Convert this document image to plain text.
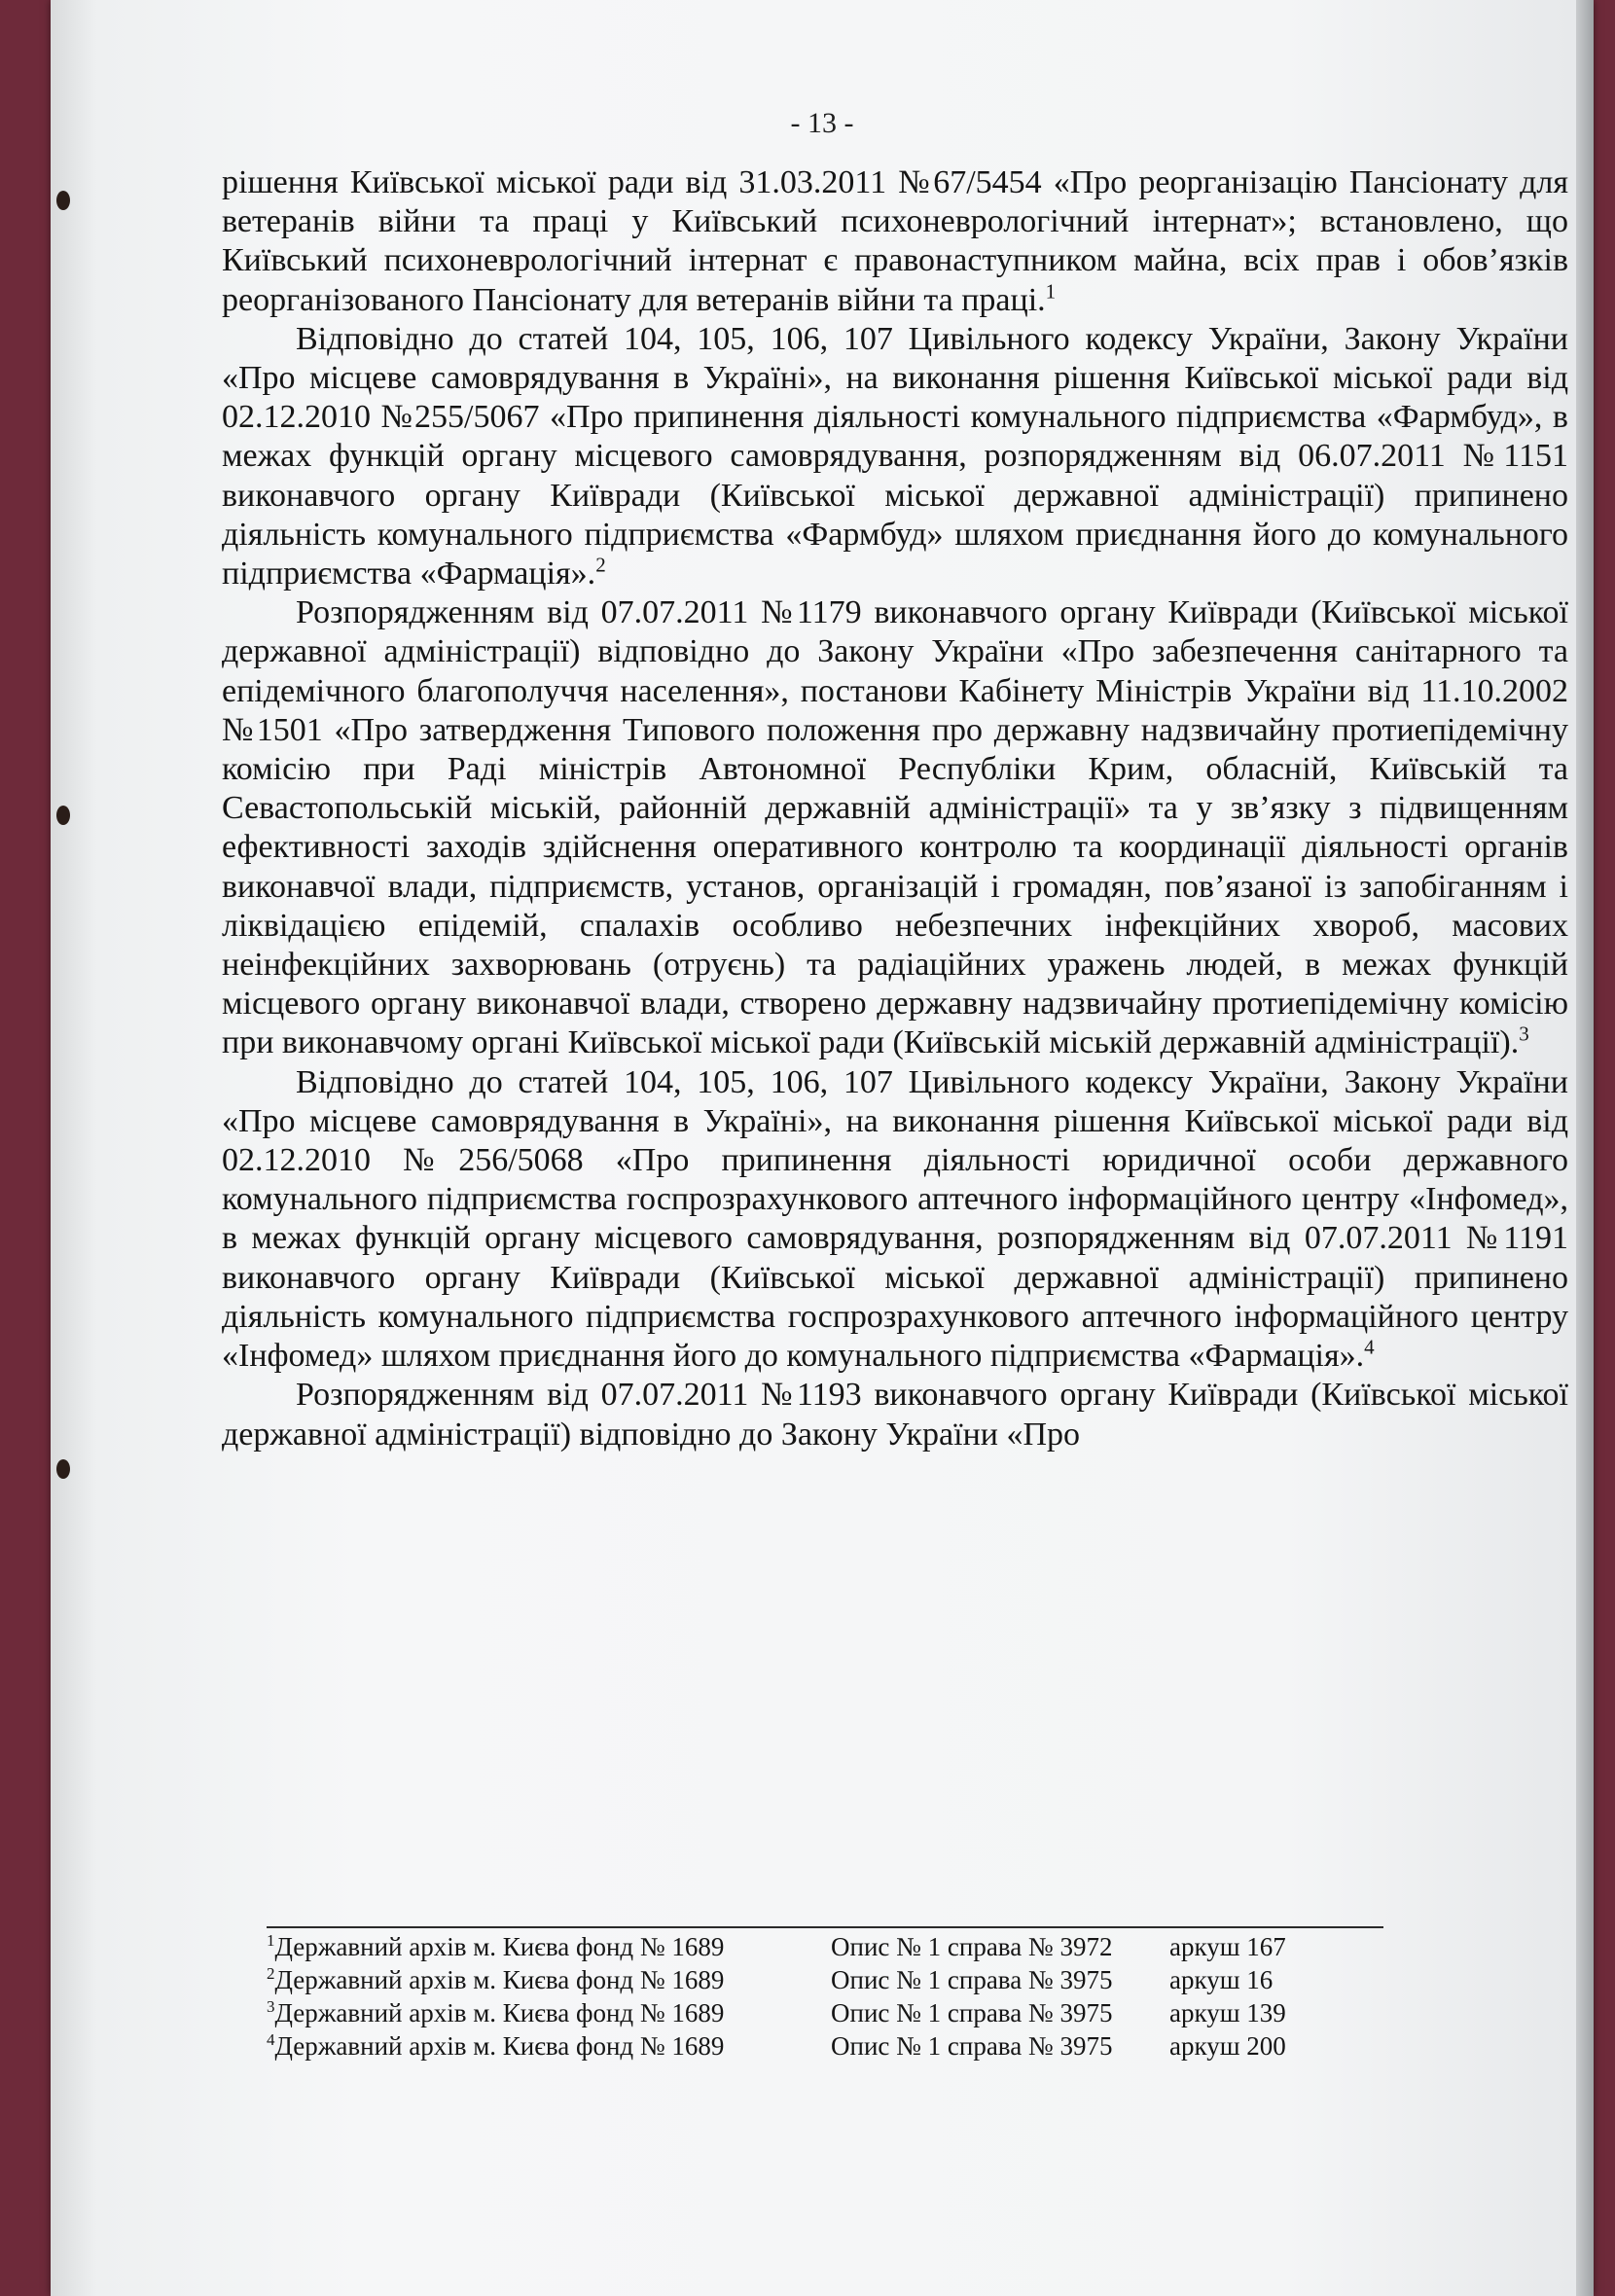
- 13 -

рішення Київської міської ради від 31.03.2011 №67/5454 «Про реорганізацію Пансіонату для ветеранів війни та праці у Київський психоневрологічний інтернат»; встановлено, що Київський психоневрологічний інтернат є правонаступником майна, всіх прав і обов’язків реорганізованого Пансіонату для ветеранів війни та праці.$^1$

Відповідно до статей 104, 105, 106, 107 Цивільного кодексу України, Закону України «Про місцеве самоврядування в Україні», на виконання рішення Київської міської ради від 02.12.2010 №255/5067 «Про припинення діяльності комунального підприємства «Фармбуд», в межах функцій органу місцевого самоврядування, розпорядженням від 06.07.2011 №1151 виконавчого органу Київради (Київської міської державної адміністрації) припинено діяльність комунального підприємства «Фармбуд» шляхом приєднання його до комунального підприємства «Фармація».$^2$

Розпорядженням від 07.07.2011 №1179 виконавчого органу Київради (Київської міської державної адміністрації) відповідно до Закону України «Про забезпечення санітарного та епідемічного благополуччя населення», постанови Кабінету Міністрів України від 11.10.2002 №1501 «Про затвердження Типового положення про державну надзвичайну протиепідемічну комісію при Раді міністрів Автономної Республіки Крим, обласній, Київській та Севастопольській міській, районній державній адміністрації» та у зв’язку з підвищенням ефективності заходів здійснення оперативного контролю та координації діяльності органів виконавчої влади, підприємств, установ, організацій і громадян, пов’язаної із запобіганням і ліквідацією епідемій, спалахів особливо небезпечних інфекційних хвороб, масових неінфекційних захворювань (отруєнь) та радіаційних уражень людей, в межах функцій місцевого органу виконавчої влади, створено державну надзвичайну протиепідемічну комісію при виконавчому органі Київської міської ради (Київській міській державній адміністрації).$^3$

Відповідно до статей 104, 105, 106, 107 Цивільного кодексу України, Закону України «Про місцеве самоврядування в Україні», на виконання рішення Київської міської ради від 02.12.2010 №256/5068 «Про припинення діяльності юридичної особи державного комунального підприємства госпрозрахункового аптечного інформаційного центру «Інфомед», в межах функцій органу місцевого самоврядування, розпорядженням від 07.07.2011 №1191 виконавчого органу Київради (Київської міської державної адміністрації) припинено діяльність комунального підприємства госпрозрахункового аптечного інформаційного центру «Інфомед» шляхом приєднання його до комунального підприємства «Фармація».$^4$

Розпорядженням від 07.07.2011 №1193 виконавчого органу Київради (Київської міської державної адміністрації) відповідно до Закону України «Про

$^1$Державний архів м. Києва фонд № 1689	Опис № 1 справа № 3972	аркуш 167
$^2$Державний архів м. Києва фонд № 1689	Опис № 1 справа № 3975	аркуш 16
$^3$Державний архів м. Києва фонд № 1689	Опис № 1 справа № 3975	аркуш 139
$^4$Державний архів м. Києва фонд № 1689	Опис № 1 справа № 3975	аркуш 200
